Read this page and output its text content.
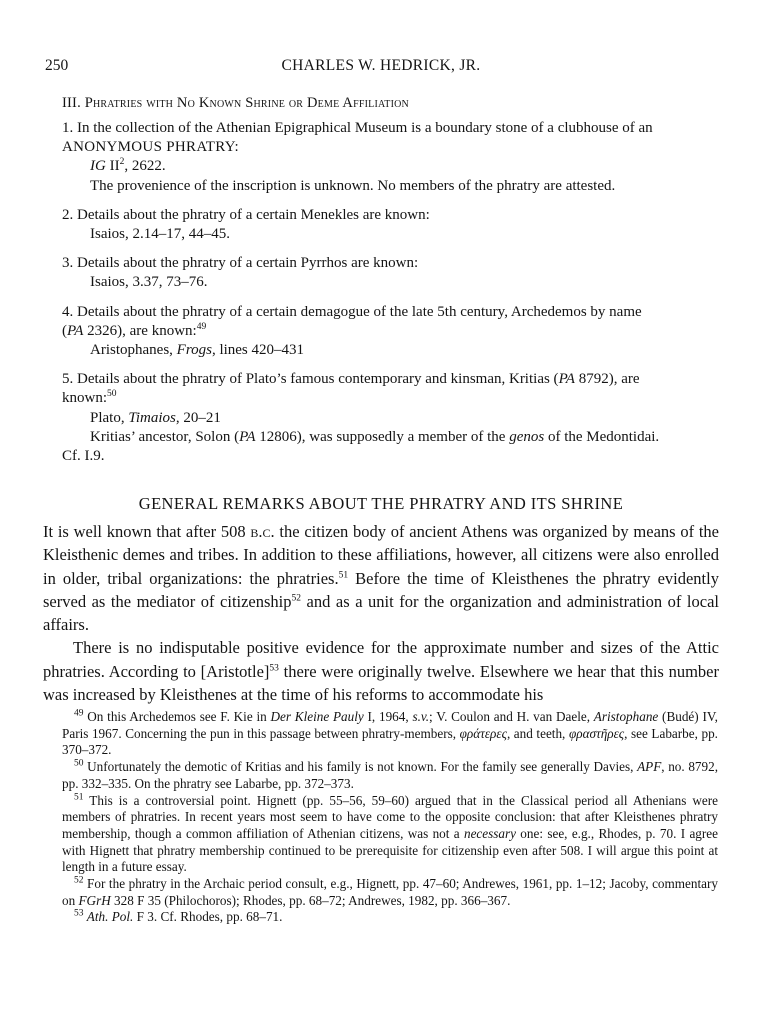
250	CHARLES W. HEDRICK, JR.
III. Phratries with No Known Shrine or Deme Affiliation

1. In the collection of the Athenian Epigraphical Museum is a boundary stone of a clubhouse of an

ANONYMOUS PHRATRY:

IG $II^2$, 2622.

The provenience of the inscription is unknown. No members of the phratry are attested.

2. Details about the phratry of a certain Menekles are known:

Isaios, 2.14–17, 44–45.

3. Details about the phratry of a certain Pyrrhos are known:

Isaios, 3.37, 73–76.

4. Details about the phratry of a certain demagogue of the late 5th century, Archedemos by name

(PA 2326), are known:$^{49}$

Aristophanes, Frogs, lines 420–431

5. Details about the phratry of Plato’s famous contemporary and kinsman, Kritias (PA 8792), are

known:$^{50}$

Plato, Timaios, 20–21

Kritias’ ancestor, Solon (PA 12806), was supposedly a member of the genos of the Medontidai.

Cf. I.9.

GENERAL REMARKS ABOUT THE PHRATRY AND ITS SHRINE

It is well known that after 508 b.c. the citizen body of ancient Athens was organized by means of the Kleisthenic demes and tribes. In addition to these affiliations, however, all citizens were also enrolled in older, tribal organizations: the phratries.$^{51}$ Before the time of Kleisthenes the phratry evidently served as the mediator of citizenship$^{52}$ and as a unit for the organization and administration of local affairs.

There is no indisputable positive evidence for the approximate number and sizes of the Attic phratries. According to [Aristotle]$^{53}$ there were originally twelve. Elsewhere we hear that this number was increased by Kleisthenes at the time of his reforms to accommodate his

$^{49}$ On this Archedemos see F. Kie in Der Kleine Pauly I, 1964, s.v.; V. Coulon and H. van Daele, Aristophane (Budé) IV, Paris 1967. Concerning the pun in this passage between phratry-members, φράτερες, and teeth, φραστῆρες, see Labarbe, pp. 370–372.

$^{50}$ Unfortunately the demotic of Kritias and his family is not known. For the family see generally Davies, APF, no. 8792, pp. 332–335. On the phratry see Labarbe, pp. 372–373.

$^{51}$ This is a controversial point. Hignett (pp. 55–56, 59–60) argued that in the Classical period all Athenians were members of phratries. In recent years most seem to have come to the opposite conclusion: that after Kleisthenes phratry membership, though a common affiliation of Athenian citizens, was not a necessary one: see, e.g., Rhodes, p. 70. I agree with Hignett that phratry membership continued to be prerequisite for citizenship even after 508. I will argue this point at length in a future essay.

$^{52}$ For the phratry in the Archaic period consult, e.g., Hignett, pp. 47–60; Andrewes, 1961, pp. 1–12; Jacoby, commentary on FGrH 328 F 35 (Philochoros); Rhodes, pp. 68–72; Andrewes, 1982, pp. 366–367.

$^{53}$ Ath. Pol. F 3. Cf. Rhodes, pp. 68–71.
